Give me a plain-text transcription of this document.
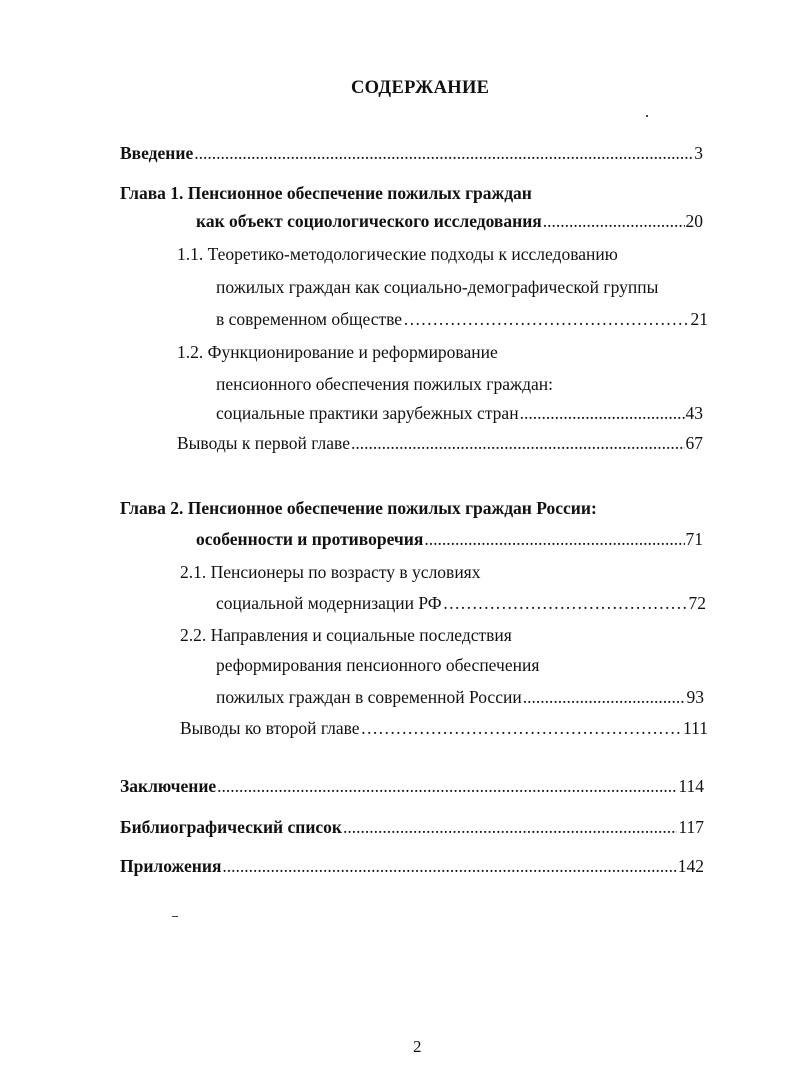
СОДЕРЖАНИЕ
Введение .....	3
Глава 1. Пенсионное обеспечение пожилых граждан
как объект социологического исследования .....	20
1.1. Теоретико-методологические подходы к исследованию
пожилых граждан как социально-демографической группы
в современном обществе ………………………………………………………………………………………………………………………………………………………………………………………………………………	21
1.2. Функционирование и реформирование
пенсионного обеспечения пожилых граждан:
социальные практики зарубежных стран .....	43
Выводы к первой главе .....	67
Глава 2. Пенсионное обеспечение пожилых граждан России:
особенности и противоречия .....	71
2.1. Пенсионеры по возрасту в условиях
социальной модернизации РФ ………………………………………………………………………………………………………………………………………………………………………………………………………………	72
2.2. Направления и социальные последствия
реформирования пенсионного обеспечения
пожилых граждан в современной России .....	93
Выводы ко второй главе ………………………………………………………………………………………………………………………………………………………………………………………………………………	111
Заключение .....	114
Библиографический список .....	117
Приложения .....	142
2
